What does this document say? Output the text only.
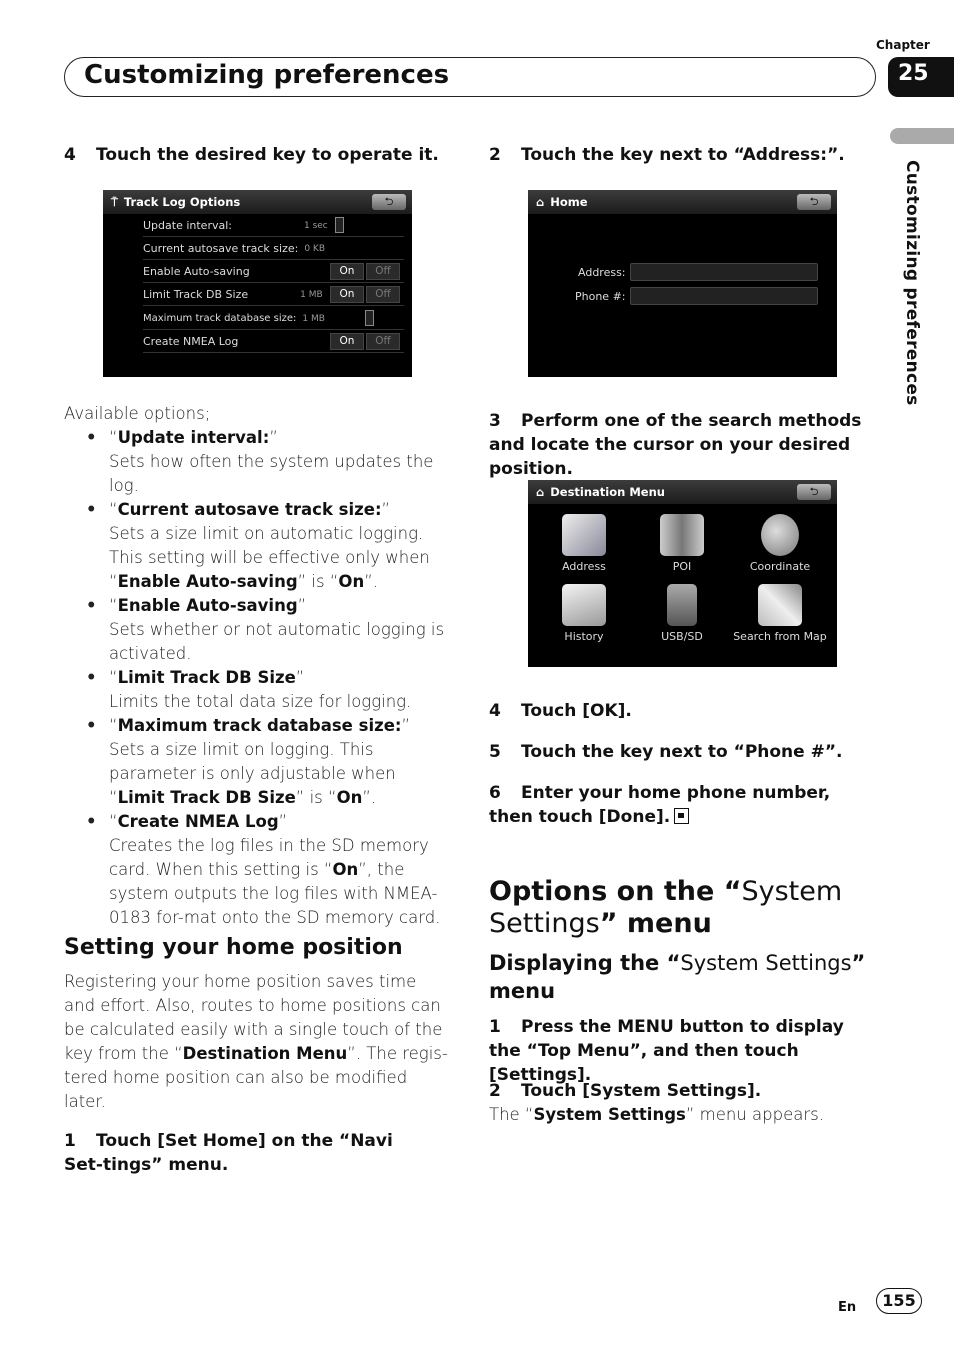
Chapter
25
Customizing preferences
Customizing preferences
4 Touch the desired key to operate it.
⍑ Track Log Options	⮌
Update interval:	1 sec
Current autosave track size: 0 KB
Enable Auto-saving	On	Off
Limit Track DB Size	1 MB	On	Off
Maximum track database size: 1 MB
Create NMEA Log	On	Off
Available options;
• “Update interval:”
Sets how often the system updates the log.
• “Current autosave track size:”
Sets a size limit on automatic logging. This setting will be effective only when “Enable Auto-saving” is “On”.
• “Enable Auto-saving”
Sets whether or not automatic logging is activated.
• “Limit Track DB Size”
Limits the total data size for logging.
• “Maximum track database size:”
Sets a size limit on logging. This parameter is only adjustable when “Limit Track DB Size” is “On”.
• “Create NMEA Log”
Creates the log files in the SD memory card. When this setting is “On”, the system outputs the log files with NMEA-0183 for-mat onto the SD memory card.
Setting your home position
Registering your home position saves time and effort. Also, routes to home positions can be calculated easily with a single touch of the key from the “Destination Menu”. The regis-tered home position can also be modified later.
1 Touch [Set Home] on the “Navi Set-tings” menu.
2 Touch the key next to “Address:”.
⌂ Home	⮌
Address:
Phone #:
3 Perform one of the search methods and locate the cursor on your desired position.
⌂ Destination Menu	⮌
Address	POI	Coordinate
History	USB/SD	Search from Map
4 Touch [OK].
5 Touch the key next to “Phone #”.
6 Enter your home phone number, then touch [Done].
Options on the “System Settings” menu
Displaying the “System Settings” menu
1 Press the MENU button to display the “Top Menu”, and then touch [Settings].
2 Touch [System Settings].
The “System Settings” menu appears.
En	155
